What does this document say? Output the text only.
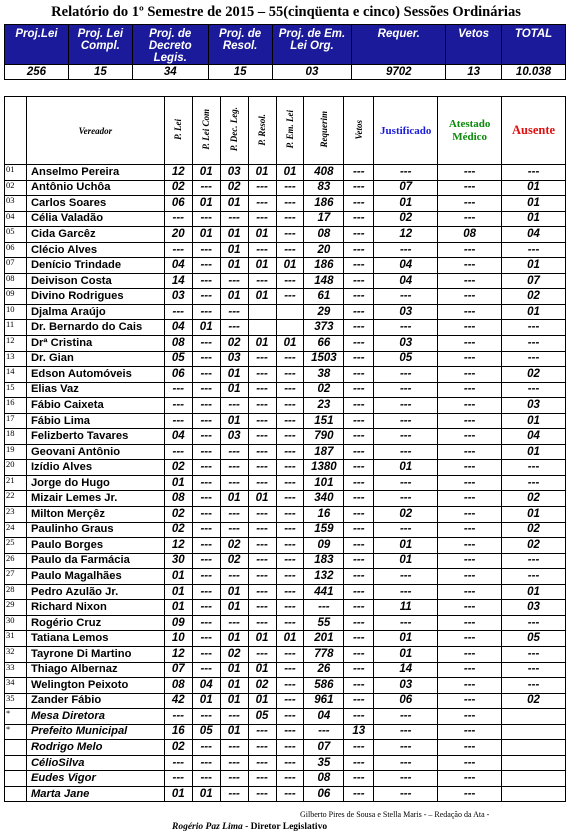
Relatório do 1º Semestre de 2015 – 55(cinqüenta e cinco) Sessões Ordinárias
Proj.Lei	Proj. Lei Compl.	Proj. de Decreto Legis.	Proj. de Resol.	Proj. de Em. Lei Org.	Requer.	Vetos	TOTAL
256	15	34	15	03	9702	13	10.038
	Vereador	P. Lei	P. Lei Com	P. Dec. Leg.	P. Resol.	P. Em. Lei	Requerim	Vetos	Justificado	Atestado Médico	Ausente
01	Anselmo Pereira	12	01	03	01	01	408	---	---	---	---
02	Antônio Uchôa	02	---	02	---	---	83	---	07	---	01
03	Carlos Soares	06	01	01	---	---	186	---	01	---	01
04	Célia Valadão	---	---	---	---	---	17	---	02	---	01
05	Cida Garcêz	20	01	01	01	---	08	---	12	08	04
06	Clécio Alves	---	---	01	---	---	20	---	---	---	---
07	Denício Trindade	04	---	01	01	01	186	---	04	---	01
08	Deivison Costa	14	---	---	---	---	148	---	04	---	07
09	Divino Rodrigues	03	---	01	01	---	61	---	---	---	02
10	Djalma Araújo	---	---	---			29	---	03	---	01
11	Dr. Bernardo do Cais	04	01	---			373	---	---	---	---
12	Drª Cristina	08	---	02	01	01	66	---	03	---	---
13	Dr. Gian	05	---	03	---	---	1503	---	05	---	---
14	Edson Automóveis	06	---	01	---	---	38	---	---	---	02
15	Elias Vaz	---	---	01	---	---	02	---	---	---	---
16	Fábio Caixeta	---	---	---	---	---	23	---	---	---	03
17	Fábio Lima	---	---	01	---	---	151	---	---	---	01
18	Felizberto Tavares	04	---	03	---	---	790	---	---	---	04
19	Geovani Antônio	---	---	---	---	---	187	---	---	---	01
20	Izídio Alves	02	---	---	---	---	1380	---	01	---	---
21	Jorge do Hugo	01	---	---	---	---	101	---	---	---	---
22	Mizair Lemes Jr.	08	---	01	01	---	340	---	---	---	02
23	Milton Merçêz	02	---	---	---	---	16	---	02	---	01
24	Paulinho Graus	02	---	---	---	---	159	---	---	---	02
25	Paulo Borges	12	---	02	---	---	09	---	01	---	02
26	Paulo da Farmácia	30	---	02	---	---	183	---	01	---	---
27	Paulo Magalhães	01	---	---	---	---	132	---	---	---	---
28	Pedro Azulão Jr.	01	---	01	---	---	441	---	---	---	01
29	Richard Nixon	01	---	01	---	---	---	---	11	---	03
30	Rogério Cruz	09	---	---	---	---	55	---	---	---	---
31	Tatiana Lemos	10	---	01	01	01	201	---	01	---	05
32	Tayrone Di Martino	12	---	02	---	---	778	---	01	---	---
33	Thiago Albernaz	07	---	01	01	---	26	---	14	---	---
34	Welington Peixoto	08	04	01	02	---	586	---	03	---	---
35	Zander Fábio	42	01	01	01	---	961	---	06	---	02
*	Mesa Diretora	---	---	---	05	---	04	---	---	---	
*	Prefeito Municipal	16	05	01	---	---	---	13	---	---	
	Rodrigo Melo	02	---	---	---	---	07	---	---	---	
	CélioSilva	---	---	---	---	---	35	---	---	---	
	Eudes Vigor	---	---	---	---	---	08	---	---	---	
	Marta Jane	01	01	---	---	---	06	---	---	---	
Gilberto Pires de Sousa e Stella Maris - – Redação da Ata -
Rogério Paz Lima - Diretor Legislativo
